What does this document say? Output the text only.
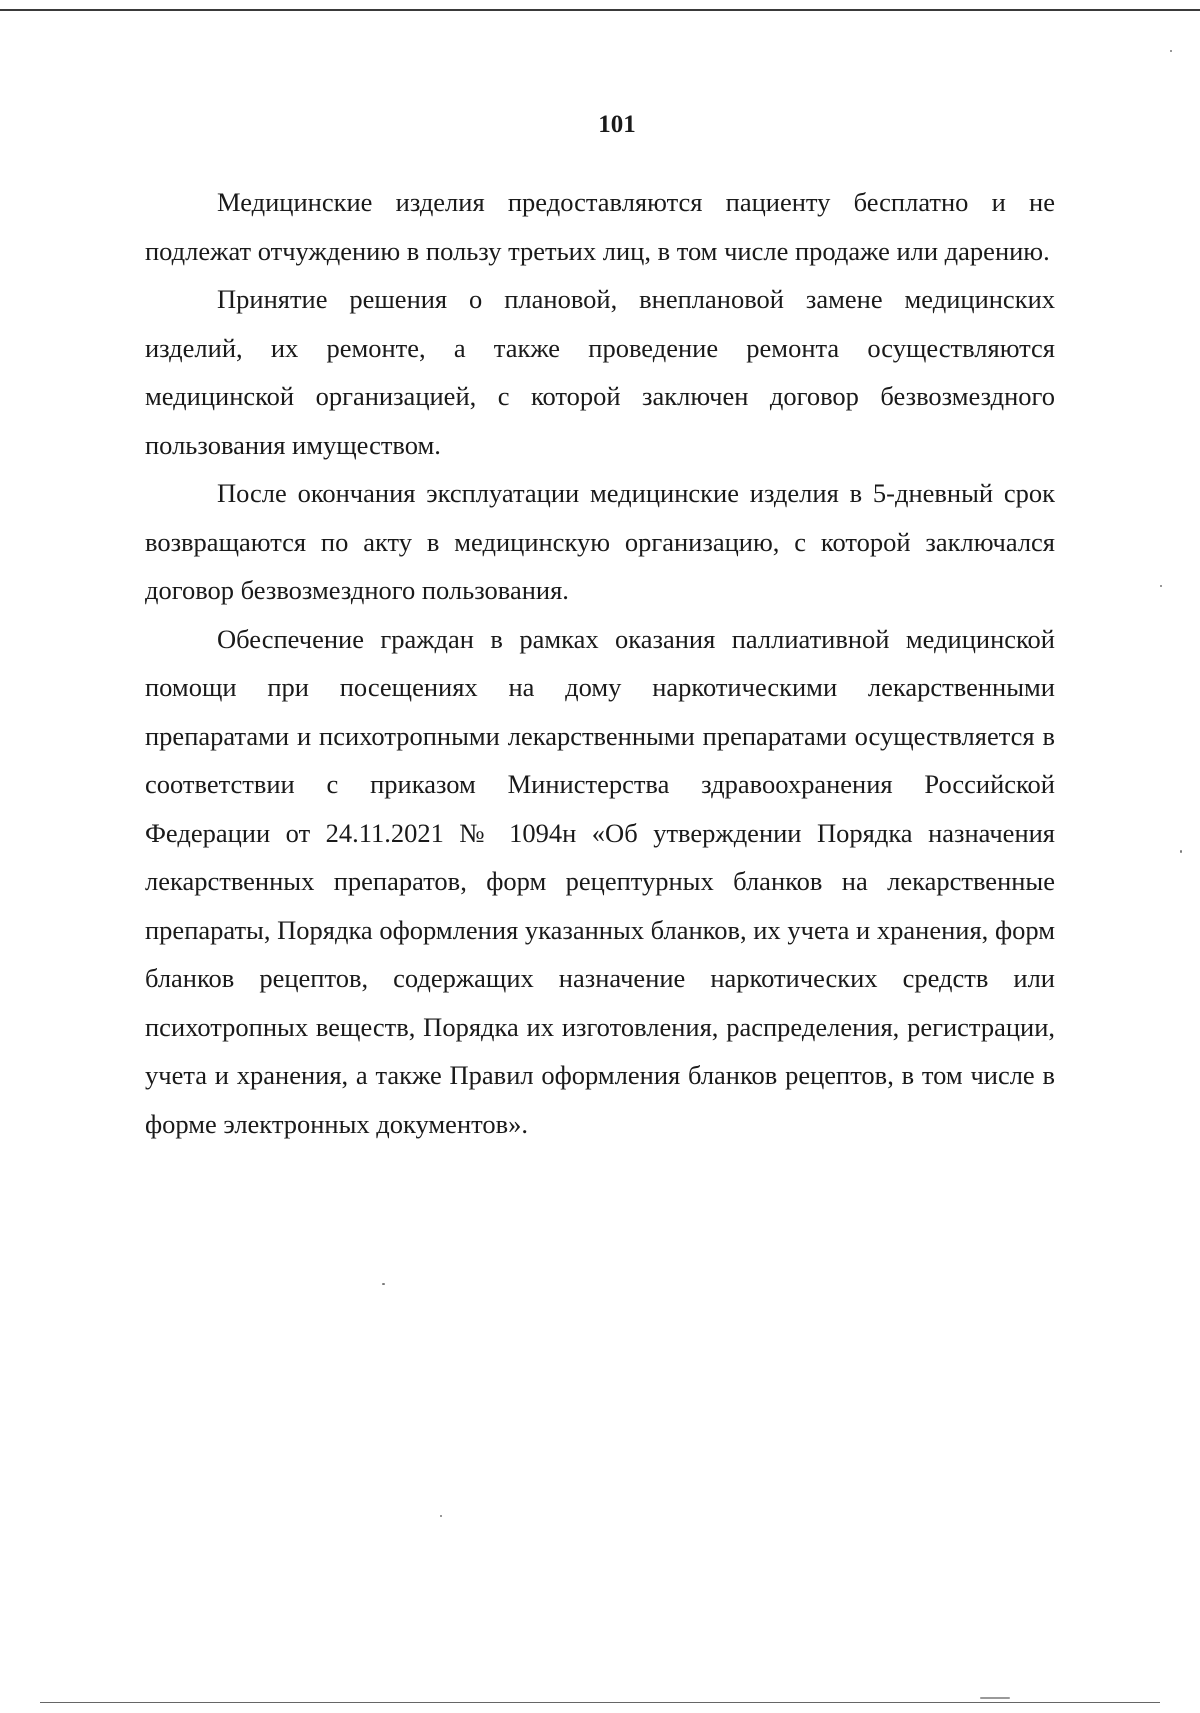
101

Медицинские изделия предоставляются пациенту бесплатно и не подлежат отчуждению в пользу третьих лиц, в том числе продаже или дарению.

Принятие решения о плановой, внеплановой замене медицинских изделий, их ремонте, а также проведение ремонта осуществляются медицинской организацией, с которой заключен договор безвозмездного пользования имуществом.

После окончания эксплуатации медицинские изделия в 5-дневный срок возвращаются по акту в медицинскую организацию, с которой заключался договор безвозмездного пользования.

Обеспечение граждан в рамках оказания паллиативной медицинской помощи при посещениях на дому наркотическими лекарственными препаратами и психотропными лекарственными препаратами осуществляется в соответствии с приказом Министерства здравоохранения Российской Федерации от 24.11.2021 № 1094н «Об утверждении Порядка назначения лекарственных препаратов, форм рецептурных бланков на лекарственные препараты, Порядка оформления указанных бланков, их учета и хранения, форм бланков рецептов, содержащих назначение наркотических средств или психотропных веществ, Порядка их изготовления, распределения, регистрации, учета и хранения, а также Правил оформления бланков рецептов, в том числе в форме электронных документов».
